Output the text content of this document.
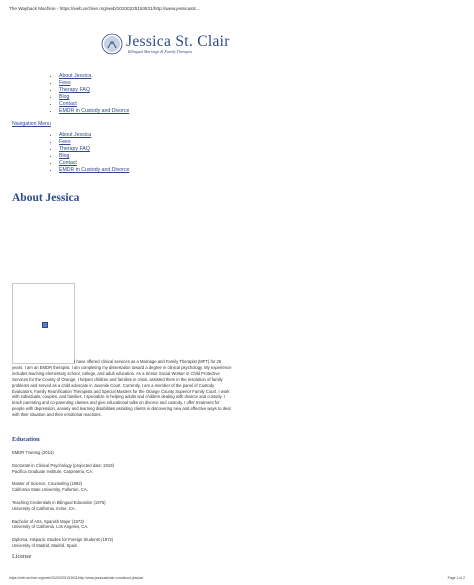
The Wayback Machine - https://web.archive.org/web/20200225153631/http://www.jessicastc...
Jessica St. Clair
Bilingual Marriage & Family Therapist
• About Jessica
• Fees
• Therapy FAQ
• Blog
• Contact
• EMDR in Custody and Divorce
Navigation Menu
• About Jessica
• Fees
• Therapy FAQ
• Blog
• Contact
• EMDR in Custody and Divorce
About Jessica
I have offered clinical services as a Marriage and Family Therapist (MFT) for 25
years. I am an EMDR therapist. I am completing my dissertation toward a degree in clinical psychology. My experience includes teaching elementary school, college, and adult education. As a Senior Social Worker in Child Protective Services for the County of Orange, I helped children and families in crisis, assisted them in the resolution of family problems and served as a child advocate in Juvenile Court. Currently, I am a member of the panel of Custody Evaluators, Family Reunification Therapists and Special Masters for the Orange County Superior Family Court. I work with individuals, couples, and families. I specialize in helping adults and children dealing with divorce and custody. I teach parenting and co-parenting classes and give educational talks on divorce and custody. I offer treatment for people with depression, anxiety and learning disabilities assisting clients in discovering new and effective ways to deal with their situation and their emotional reactions.
Education
EMDR Training (2014)
Doctorate in Clinical Psychology (projected date: 2019)
Pacifica Graduate Institute, Carpinteria, CA.
Master of Science, Counseling (1992)
California State University, Fullerton, CA.
Teaching Credentials in Bilingual Education (1975)
University of California, Irvine, CA.
Bachelor of Arts, Spanish Major (1973)
University of California, Los Angeles, CA.
Diploma, Hispanic Studies for Foreign Students (1972)
University of Madrid, Madrid, Spain
License
https://web.archive.org/web/20200225153631/http://www.jessicastclair.com/about-jessica/	Page 1 of 2
